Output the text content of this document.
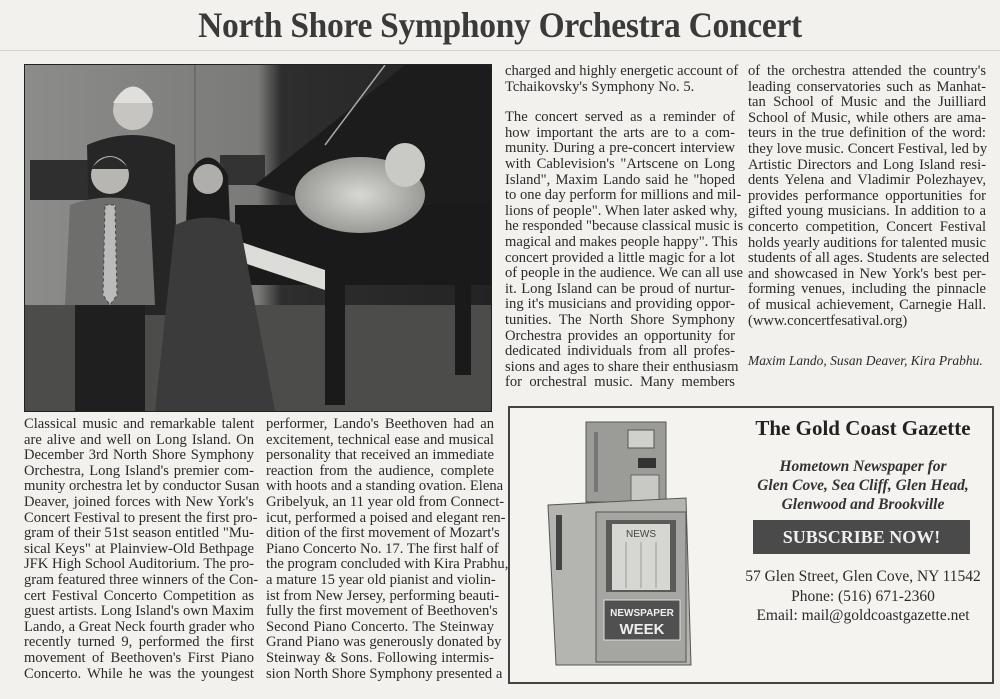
North Shore Symphony Orchestra Concert
Classical music and remarkable talent
are alive and well on Long Island. On
December 3rd North Shore Symphony
Orchestra, Long Island's premier com-
munity orchestra let by conductor Susan
Deaver, joined forces with New York's
Concert Festival to present the first pro-
gram of their 51st season entitled "Mu-
sical Keys" at Plainview-Old Bethpage
JFK High School Auditorium. The pro-
gram featured three winners of the Con-
cert Festival Concerto Competition as
guest artists. Long Island's own Maxim
Lando, a Great Neck fourth grader who
recently turned 9, performed the first
movement of Beethoven's First Piano
Concerto. While he was the youngest
performer, Lando's Beethoven had an
excitement, technical ease and musical
personality that received an immediate
reaction from the audience, complete
with hoots and a standing ovation. Elena
Gribelyuk, an 11 year old from Connect-
icut, performed a poised and elegant ren-
dition of the first movement of Mozart's
Piano Concerto No. 17. The first half of
the program concluded with Kira Prabhu,
a mature 15 year old pianist and violin-
ist from New Jersey, performing beauti-
fully the first movement of Beethoven's
Second Piano Concerto. The Steinway
Grand Piano was generously donated by
Steinway & Sons. Following intermis-
sion North Shore Symphony presented a

charged and highly energetic account of
Tchaikovsky's Symphony No. 5.

The concert served as a reminder of
how important the arts are to a com-
munity. During a pre-concert interview
with Cablevision's "Artscene on Long
Island", Maxim Lando said he "hoped
to one day perform for millions and mil-
lions of people". When later asked why,
he responded "because classical music is
magical and makes people happy". This
concert provided a little magic for a lot
of people in the audience. We can all use
it. Long Island can be proud of nurtur-
ing it's musicians and providing oppor-
tunities. The North Shore Symphony
Orchestra provides an opportunity for
dedicated individuals from all profes-
sions and ages to share their enthusiasm
for orchestral music. Many members

of the orchestra attended the country's
leading conservatories such as Manhat-
tan School of Music and the Juilliard
School of Music, while others are ama-
teurs in the true definition of the word:
they love music. Concert Festival, led by
Artistic Directors and Long Island resi-
dents Yelena and Vladimir Polezhayev,
provides performance opportunities for
gifted young musicians. In addition to a
concerto competition, Concert Festival
holds yearly auditions for talented music
students of all ages. Students are selected
and showcased in New York's best per-
forming venues, including the pinnacle
of musical achievement, Carnegie Hall.
(www.concertfesatival.org)
Maxim Lando, Susan Deaver, Kira Prabhu.
NEWS
NEWSPAPER
WEEK
The Gold Coast Gazette
Hometown Newspaper for
Glen Cove, Sea Cliff, Glen Head,
Glenwood and Brookville
SUBSCRIBE NOW!
57 Glen Street, Glen Cove, NY 11542
Phone: (516) 671-2360
Email: mail@goldcoastgazette.net
